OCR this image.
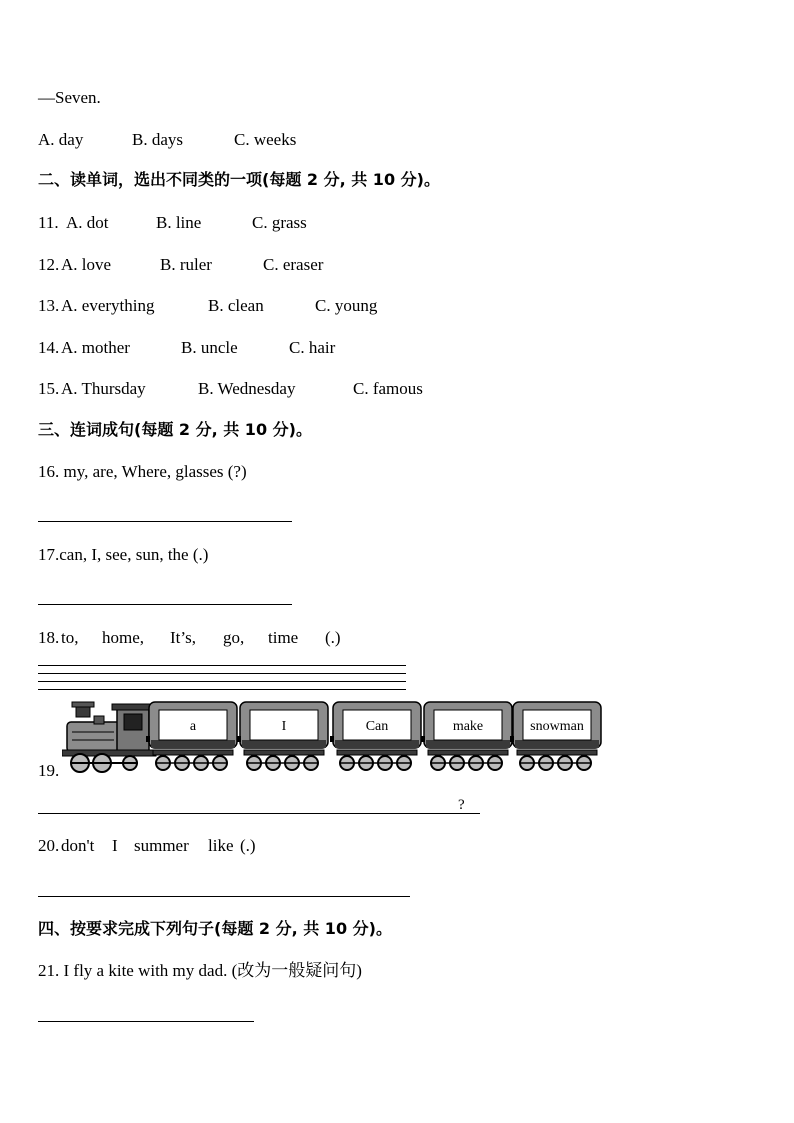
—Seven.
A. day	B. days	C. weeks
二、读单词，选出不同类的一项(每题 2 分, 共 10 分)。
11. A. dot	B. line	C. grass
12. A. love	B. ruler	C. eraser
13. A. everything	B. clean	C. young
14. A. mother	B. uncle	C. hair
15. A. Thursday	B. Wednesday	C. famous
三、连词成句(每题 2 分, 共 10 分)。
16. my, are, Where, glasses (?)
17.can, I, see, sun, the (.)
18. to, home, It’s, go, time (.)
19.
a	I	Can	make	snowman
?
20. don't I summer like (.)
四、按要求完成下列句子(每题 2 分, 共 10 分)。
21. I fly a kite with my dad. (改为一般疑问句)
